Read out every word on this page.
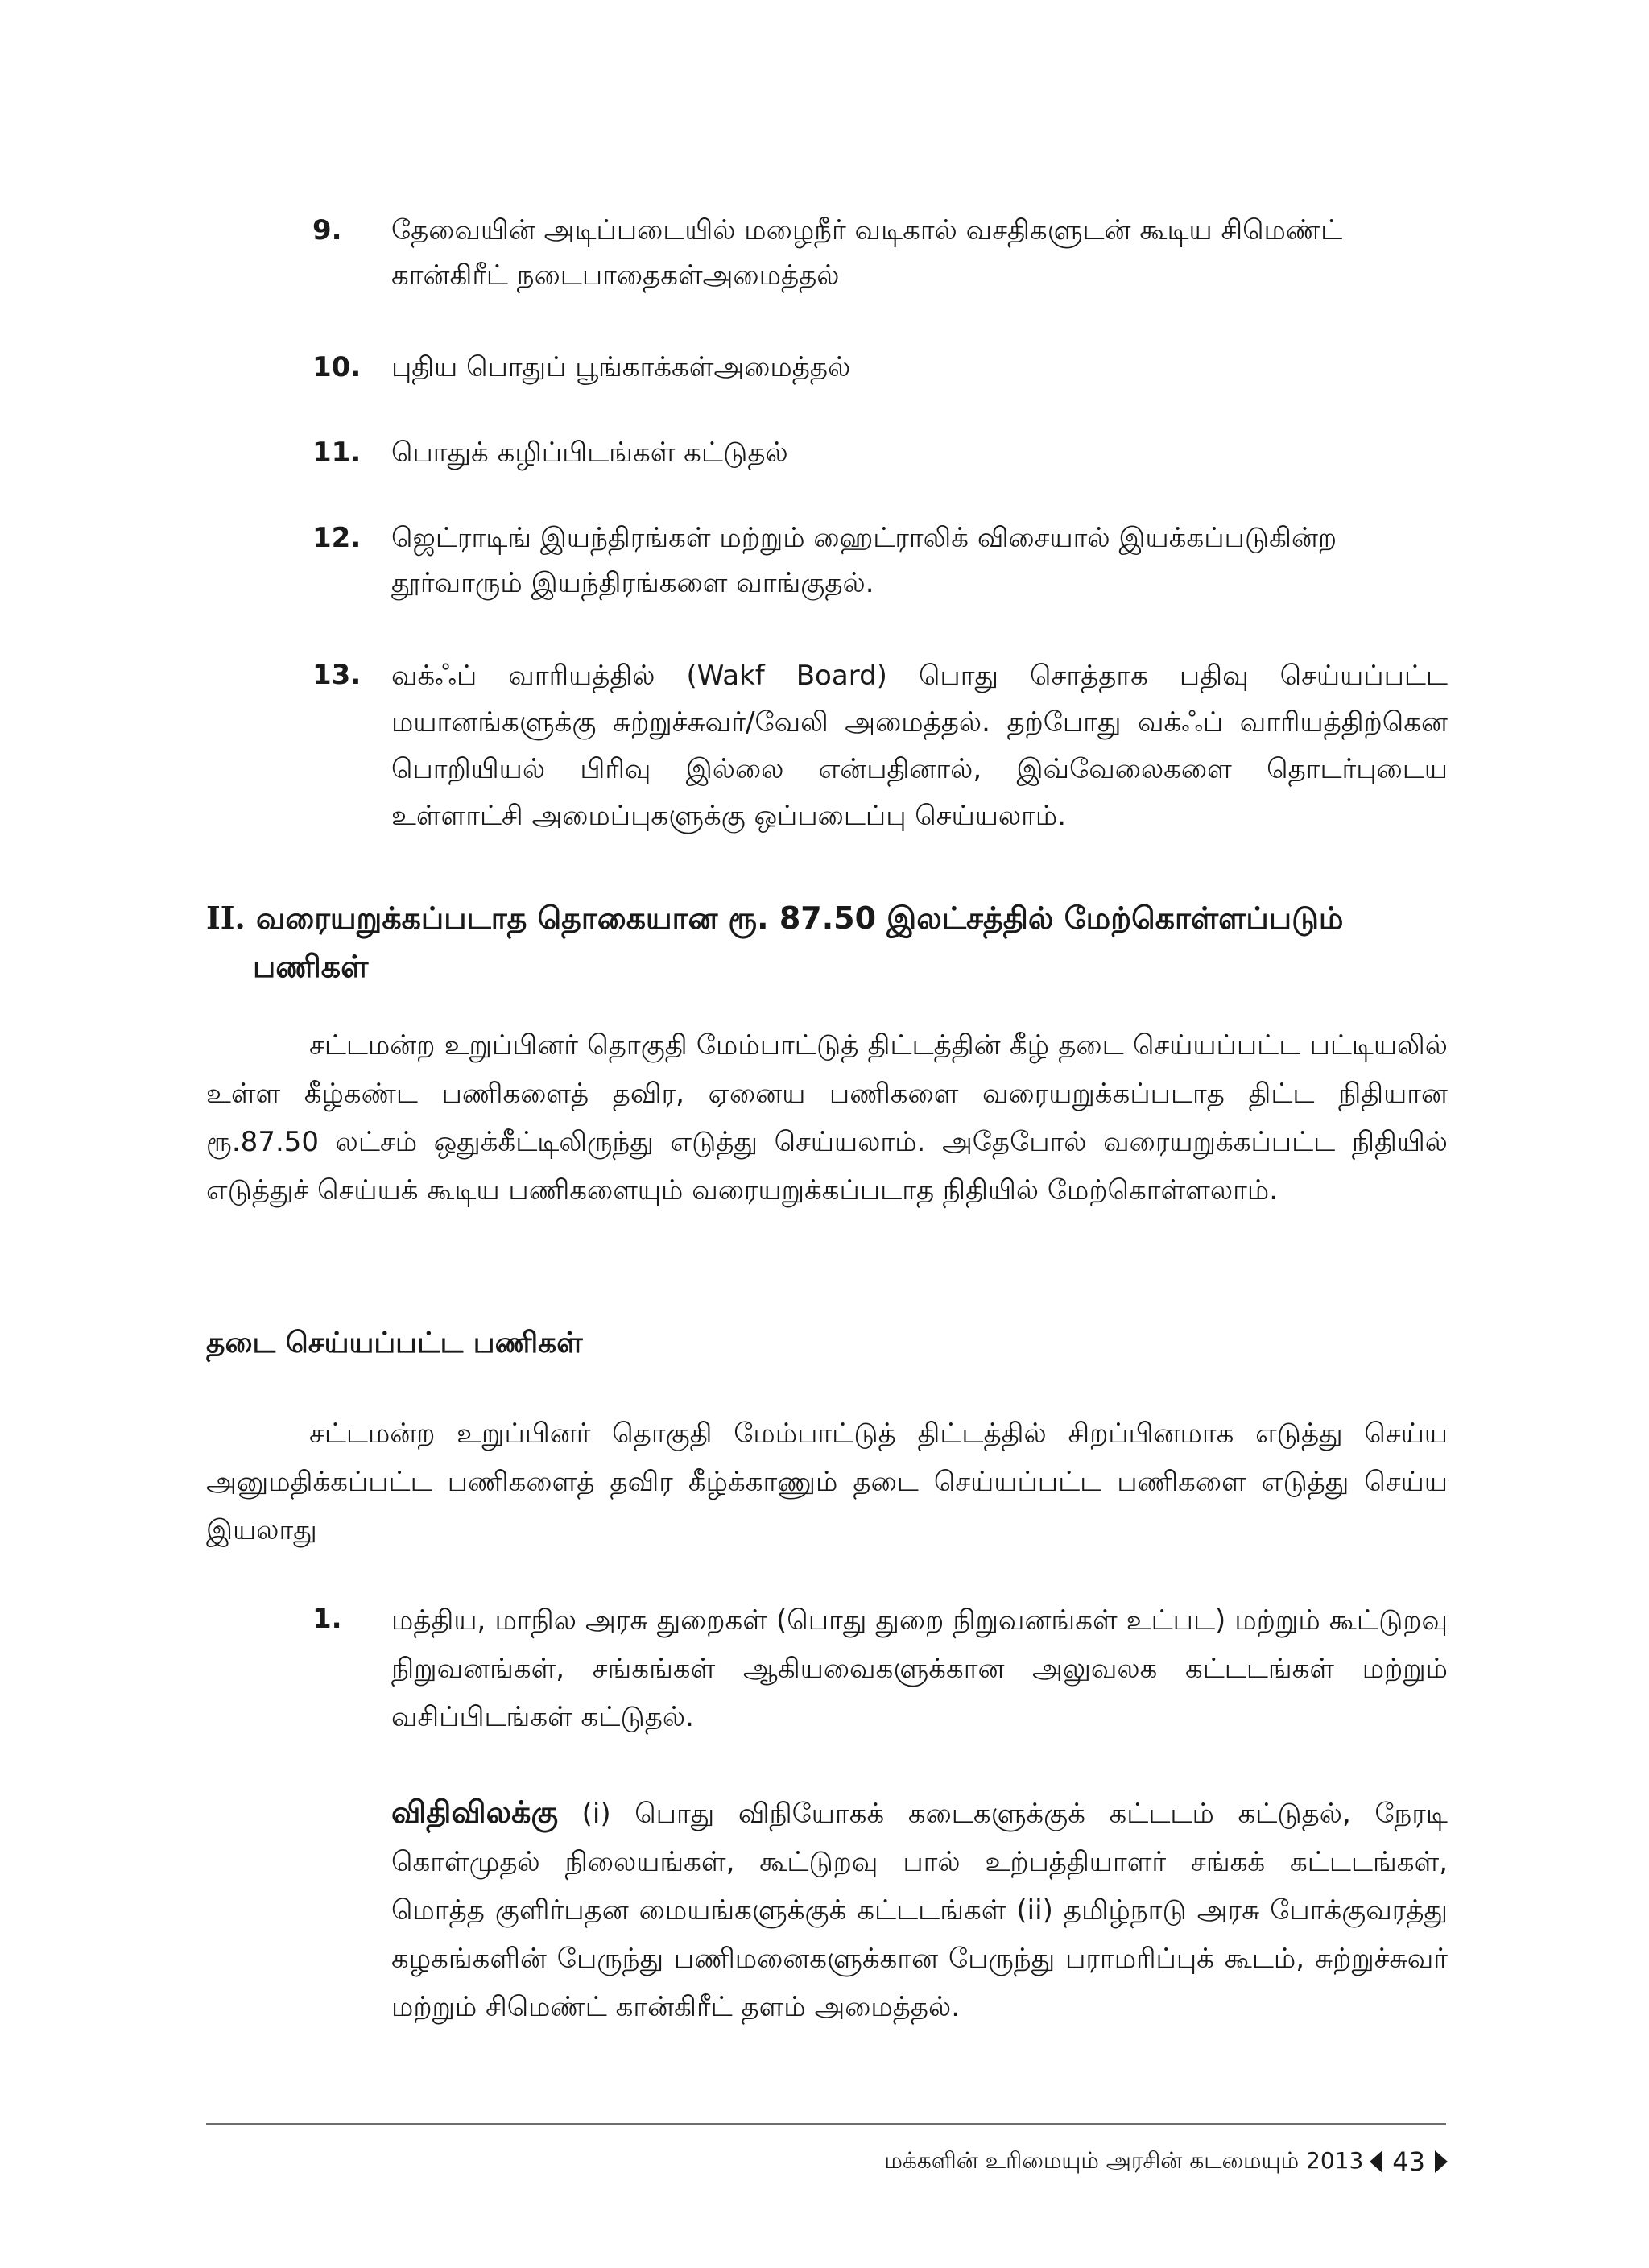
9. தேவையின் அடிப்படையில் மழைநீர் வடிகால் வசதிகளுடன் கூடிய சிமெண்ட் கான்கிரீட் நடைபாதைகள்அமைத்தல்
10. புதிய பொதுப் பூங்காக்கள்அமைத்தல்
11. பொதுக் கழிப்பிடங்கள் கட்டுதல்
12. ஜெட்ராடிங் இயந்திரங்கள் மற்றும் ஹைட்ராலிக் விசையால் இயக்கப்படுகின்ற தூர்வாரும் இயந்திரங்களை வாங்குதல்.
13. வக்ஃப் வாரியத்தில் (Wakf Board) பொது சொத்தாக பதிவு செய்யப்பட்ட மயானங்களுக்கு சுற்றுச்சுவர்/வேலி அமைத்தல். தற்போது வக்ஃப் வாரியத்திற்கென பொறியியல் பிரிவு இல்லை என்பதினால், இவ்வேலைகளை தொடர்புடைய உள்ளாட்சி அமைப்புகளுக்கு ஒப்படைப்பு செய்யலாம்.
II. வரையறுக்கப்படாத தொகையான ரூ. 87.50 இலட்சத்தில் மேற்கொள்ளப்படும்
பணிகள்
சட்டமன்ற உறுப்பினர் தொகுதி மேம்பாட்டுத் திட்டத்தின் கீழ் தடை செய்யப்பட்ட பட்டியலில் உள்ள கீழ்கண்ட பணிகளைத் தவிர, ஏனைய பணிகளை வரையறுக்கப்படாத திட்ட நிதியான ரூ.87.50 லட்சம் ஒதுக்கீட்டிலிருந்து எடுத்து செய்யலாம். அதேபோல் வரையறுக்கப்பட்ட நிதியில் எடுத்துச் செய்யக் கூடிய பணிகளையும் வரையறுக்கப்படாத நிதியில் மேற்கொள்ளலாம்.
தடை செய்யப்பட்ட பணிகள்
சட்டமன்ற உறுப்பினர் தொகுதி மேம்பாட்டுத் திட்டத்தில் சிறப்பினமாக எடுத்து செய்ய அனுமதிக்கப்பட்ட பணிகளைத் தவிர கீழ்க்காணும் தடை செய்யப்பட்ட பணிகளை எடுத்து செய்ய இயலாது
1. மத்திய, மாநில அரசு துறைகள் (பொது துறை நிறுவனங்கள் உட்பட) மற்றும் கூட்டுறவு நிறுவனங்கள், சங்கங்கள் ஆகியவைகளுக்கான அலுவலக கட்டடங்கள் மற்றும் வசிப்பிடங்கள் கட்டுதல்.
விதிவிலக்கு (i) பொது விநியோகக் கடைகளுக்குக் கட்டடம் கட்டுதல், நேரடி கொள்முதல் நிலையங்கள், கூட்டுறவு பால் உற்பத்தியாளர் சங்கக் கட்டடங்கள், மொத்த குளிர்பதன மையங்களுக்குக் கட்டடங்கள் (ii) தமிழ்நாடு அரசு போக்குவரத்து கழகங்களின் பேருந்து பணிமனைகளுக்கான பேருந்து பராமரிப்புக் கூடம், சுற்றுச்சுவர் மற்றும் சிமெண்ட் கான்கிரீட் தளம் அமைத்தல்.
மக்களின் உரிமையும் அரசின் கடமையும் 2013 43
